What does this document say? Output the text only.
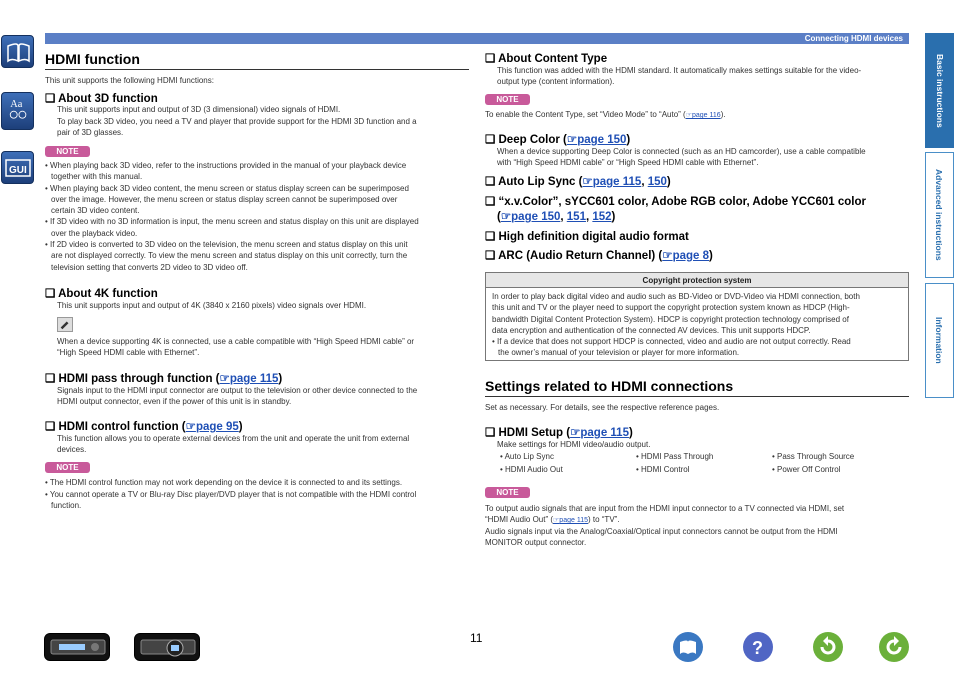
Connecting HDMI devices
Aa
GUI
Basic instructions
Advanced instructions
Information
HDMI function
This unit supports the following HDMI functions:
❑ About 3D function
This unit supports input and output of 3D (3 dimensional) video signals of HDMI.
To play back 3D video, you need a TV and player that provide support for the HDMI 3D function and a
pair of 3D glasses.
NOTE
• When playing back 3D video, refer to the instructions provided in the manual of your playback device
together with this manual.
• When playing back 3D video content, the menu screen or status display screen can be superimposed
over the image. However, the menu screen or status display screen cannot be superimposed over
certain 3D video content.
• If 3D video with no 3D information is input, the menu screen and status display on this unit are displayed
over the playback video.
• If 2D video is converted to 3D video on the television, the menu screen and status display on this unit
are not displayed correctly. To view the menu screen and status display on this unit correctly, turn the
television setting that converts 2D video to 3D video off.
❑ About 4K function
This unit supports input and output of 4K (3840 x 2160 pixels) video signals over HDMI.
When a device supporting 4K is connected, use a cable compatible with “High Speed HDMI cable” or
“High Speed HDMI cable with Ethernet”.
❑ HDMI pass through function (☞page 115)
Signals input to the HDMI input connector are output to the television or other device connected to the
HDMI output connector, even if the power of this unit is in standby.
❑ HDMI control function (☞page 95)
This function allows you to operate external devices from the unit and operate the unit from external
devices.
NOTE
• The HDMI control function may not work depending on the device it is connected to and its settings.
• You cannot operate a TV or Blu-ray Disc player/DVD player that is not compatible with the HDMI control
function.
❑ About Content Type
This function was added with the HDMI standard. It automatically makes settings suitable for the video-
output type (content information).
NOTE
To enable the Content Type, set “Video Mode” to “Auto” (☞page 116).
❑ Deep Color (☞page 150)
When a device supporting Deep Color is connected (such as an HD camcorder), use a cable compatible
with “High Speed HDMI cable” or “High Speed HDMI cable with Ethernet”.
❑ Auto Lip Sync (☞page 115, 150)
❑ “x.v.Color”, sYCC601 color, Adobe RGB color, Adobe YCC601 color
(☞page 150, 151, 152)
❑ High definition digital audio format
❑ ARC (Audio Return Channel) (☞page 8)
Copyright protection system
In order to play back digital video and audio such as BD-Video or DVD-Video via HDMI connection, both
this unit and TV or the player need to support the copyright protection system known as HDCP (High-
bandwidth Digital Content Protection System). HDCP is copyright protection technology comprised of
data encryption and authentication of the connected AV devices. This unit supports HDCP.
• If a device that does not support HDCP is connected, video and audio are not output correctly. Read
the owner’s manual of your television or player for more information.
Settings related to HDMI connections
Set as necessary. For details, see the respective reference pages.
❑ HDMI Setup (☞page 115)
Make settings for HDMI video/audio output.
• Auto Lip Sync	• HDMI Pass Through	• Pass Through Source
• HDMI Audio Out	• HDMI Control	• Power Off Control
NOTE
To output audio signals that are input from the HDMI input connector to a TV connected via HDMI, set
“HDMI Audio Out” (☞page 115) to “TV”.
Audio signals input via the Analog/Coaxial/Optical input connectors cannot be output from the HDMI
MONITOR output connector.
11	?
